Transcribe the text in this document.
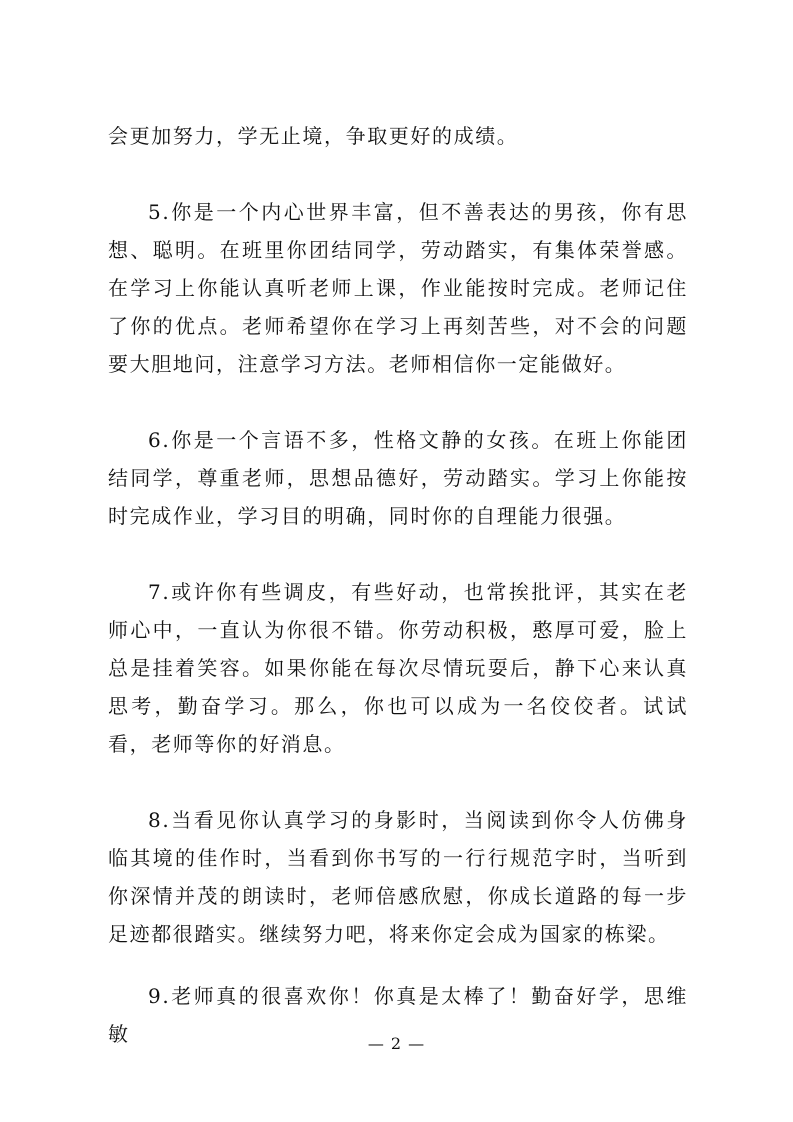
会更加努力，学无止境，争取更好的成绩。

5.你是一个内心世界丰富，但不善表达的男孩，你有思想、聪明。在班里你团结同学，劳动踏实，有集体荣誉感。在学习上你能认真听老师上课，作业能按时完成。老师记住了你的优点。老师希望你在学习上再刻苦些，对不会的问题要大胆地问，注意学习方法。老师相信你一定能做好。

6.你是一个言语不多，性格文静的女孩。在班上你能团结同学，尊重老师，思想品德好，劳动踏实。学习上你能按时完成作业，学习目的明确，同时你的自理能力很强。

7.或许你有些调皮，有些好动，也常挨批评，其实在老师心中，一直认为你很不错。你劳动积极，憨厚可爱，脸上总是挂着笑容。如果你能在每次尽情玩耍后，静下心来认真思考，勤奋学习。那么，你也可以成为一名佼佼者。试试看，老师等你的好消息。

8.当看见你认真学习的身影时，当阅读到你令人仿佛身临其境的佳作时，当看到你书写的一行行规范字时，当听到你深情并茂的朗读时，老师倍感欣慰，你成长道路的每一步足迹都很踏实。继续努力吧，将来你定会成为国家的栋梁。

9.老师真的很喜欢你！你真是太棒了！勤奋好学，思维敏	— 2 —
